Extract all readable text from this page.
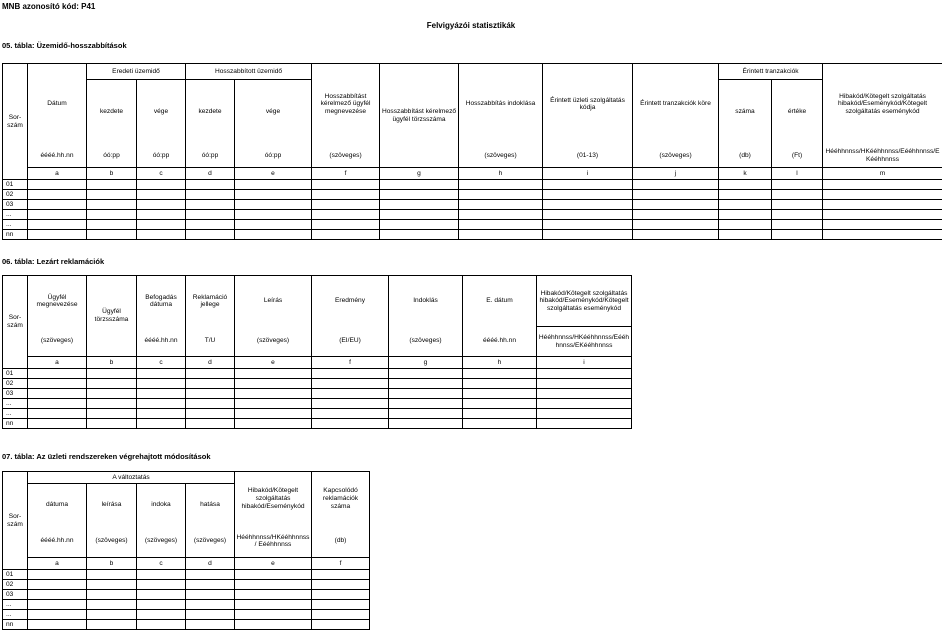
MNB azonosító kód: P41
Felvigyázói statisztikák
05. tábla: Üzemidő-hosszabbítások
Sor-szám	Dátum	Eredeti üzemidő		Hosszabbított üzemidő		Hosszabbítást kérelmező ügyfél megnevezése	Hosszabbítást kérelmező ügyfél törzsszáma	Hosszabbítás indoklása	Érintett üzleti szolgáltatás kódja	Érintett tranzakciók köre	Érintett tranzakciók		Hibakód/Kötegelt szolgáltatás hibakód/Eseménykód/Kötegelt szolgáltatás eseménykód
		kezdete	vége	kezdete	vége						száma	értéke	
	éééé.hh.nn	óó:pp	óó:pp	óó:pp	óó:pp	(szöveges)		(szöveges)	(01-13)	(szöveges)	(db)	(Ft)	Hééhhnnss/HKééhhnnss/Eééhhnnss/EKééhhnnss
	a	b	c	d	e	f	g	h	i	j	k	l	m
01													
02													
03													
...													
...													
nn													
06. tábla: Lezárt reklamációk
Sor-szám	Ügyfél megnevezése	Ügyfél törzsszáma	Befogadás dátuma	Reklamáció jellege	Leírás	Eredmény	Indoklás	E. dátum	Hibakód/Kötegelt szolgáltatás hibakód/Eseménykód/Kötegelt szolgáltatás eseménykód
	(szöveges)		éééé.hh.nn	T/U	(szöveges)	(EI/EU)	(szöveges)	éééé.hh.nn	Hééhhnnss/HKééhhnnss/Eééhhnnss/EKééhhnnss
	a	b	c	d	e	f	g	h	i
01									
02									
03									
...									
...									
nn									
07. tábla: Az üzleti rendszereken végrehajtott módosítások
Sor-szám	A változtatás				Hibakód/Kötegelt szolgáltatás hibakód/Eseménykód	Kapcsolódó reklamációk száma
	dátuma	leírása	indoka	hatása		
	éééé.hh.nn	(szöveges)	(szöveges)	(szöveges)	Hééhhnnss/HKééhhnnss/ Eééhhnnss	(db)
	a	b	c	d	e	f
01						
02						
03						
...						
...						
nn						
